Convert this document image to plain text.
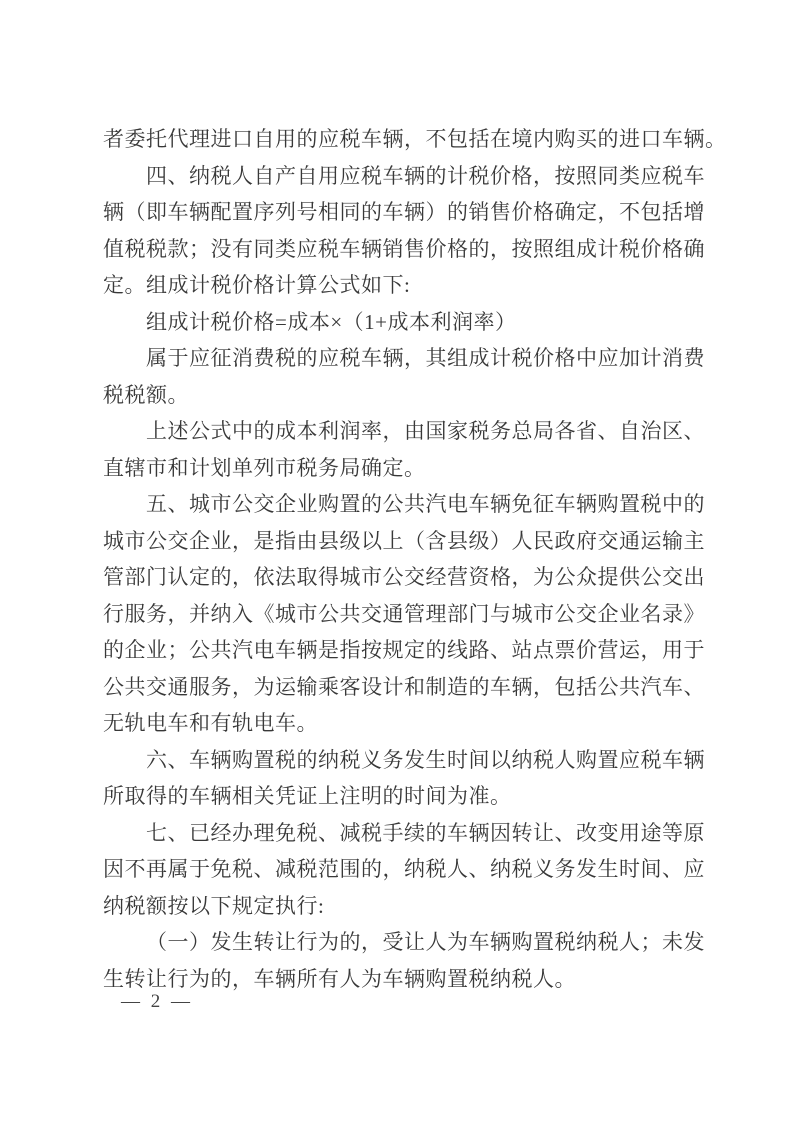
者委托代理进口自用的应税车辆，不包括在境内购买的进口车辆。
四、纳税人自产自用应税车辆的计税价格，按照同类应税车
辆（即车辆配置序列号相同的车辆）的销售价格确定，不包括增
值税税款；没有同类应税车辆销售价格的，按照组成计税价格确
定。组成计税价格计算公式如下:
组成计税价格=成本×（1+成本利润率）
属于应征消费税的应税车辆，其组成计税价格中应加计消费
税税额。
上述公式中的成本利润率，由国家税务总局各省、自治区、
直辖市和计划单列市税务局确定。
五、城市公交企业购置的公共汽电车辆免征车辆购置税中的
城市公交企业，是指由县级以上（含县级）人民政府交通运输主
管部门认定的，依法取得城市公交经营资格，为公众提供公交出
行服务，并纳入《城市公共交通管理部门与城市公交企业名录》
的企业；公共汽电车辆是指按规定的线路、站点票价营运，用于
公共交通服务，为运输乘客设计和制造的车辆，包括公共汽车、
无轨电车和有轨电车。
六、车辆购置税的纳税义务发生时间以纳税人购置应税车辆
所取得的车辆相关凭证上注明的时间为准。
七、已经办理免税、减税手续的车辆因转让、改变用途等原
因不再属于免税、减税范围的，纳税人、纳税义务发生时间、应
纳税额按以下规定执行:
（一）发生转让行为的，受让人为车辆购置税纳税人；未发
生转让行为的，车辆所有人为车辆购置税纳税人。
— 2 —
